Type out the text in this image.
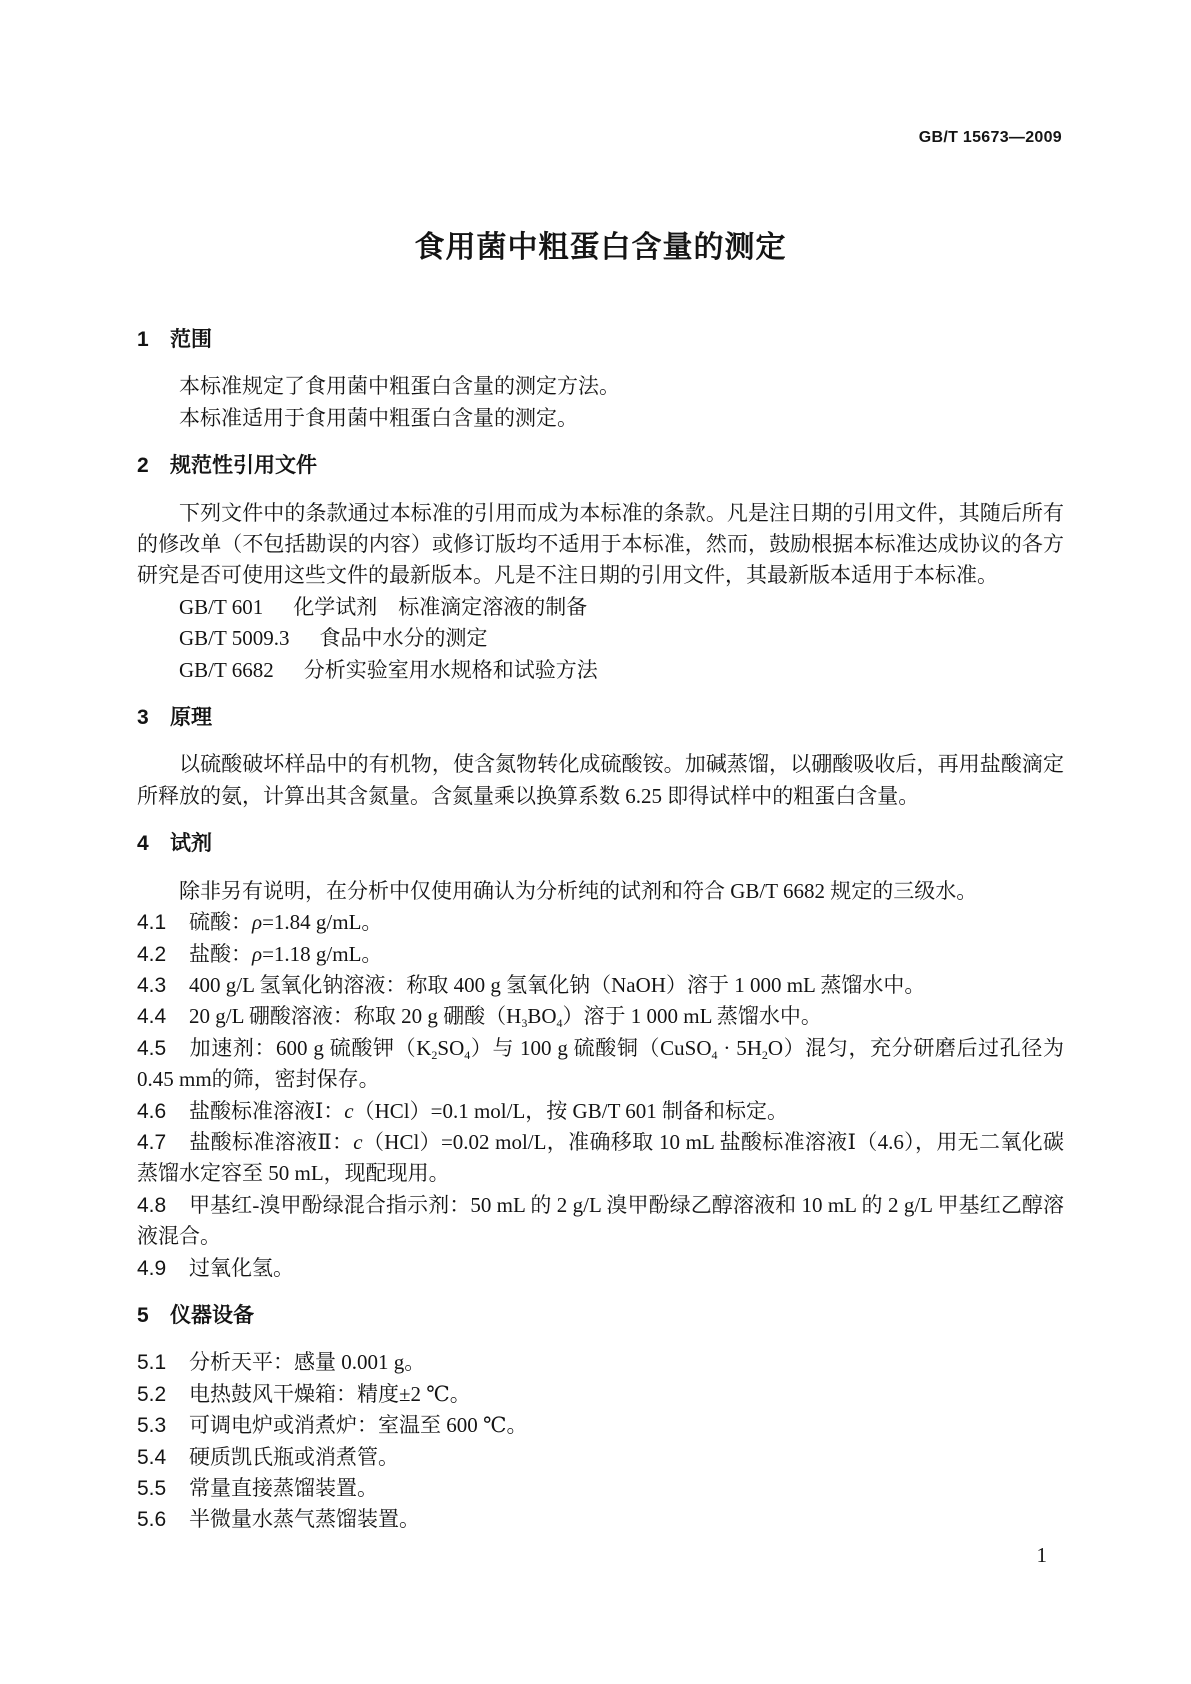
GB/T 15673—2009
食用菌中粗蛋白含量的测定
1 范围

本标准规定了食用菌中粗蛋白含量的测定方法。

本标准适用于食用菌中粗蛋白含量的测定。

2 规范性引用文件

下列文件中的条款通过本标准的引用而成为本标准的条款。凡是注日期的引用文件，其随后所有的修改单（不包括勘误的内容）或修订版均不适用于本标准，然而，鼓励根据本标准达成协议的各方研究是否可使用这些文件的最新版本。凡是不注日期的引用文件，其最新版本适用于本标准。

GB/T 601 化学试剂　标准滴定溶液的制备

GB/T 5009.3 食品中水分的测定

GB/T 6682 分析实验室用水规格和试验方法

3 原理

以硫酸破坏样品中的有机物，使含氮物转化成硫酸铵。加碱蒸馏，以硼酸吸收后，再用盐酸滴定所释放的氨，计算出其含氮量。含氮量乘以换算系数 6.25 即得试样中的粗蛋白含量。

4 试剂

除非另有说明，在分析中仅使用确认为分析纯的试剂和符合 GB/T 6682 规定的三级水。

4.1 硫酸：ρ=1.84 g/mL。

4.2 盐酸：ρ=1.18 g/mL。

4.3 400 g/L 氢氧化钠溶液：称取 400 g 氢氧化钠（NaOH）溶于 1 000 mL 蒸馏水中。

4.4 20 g/L 硼酸溶液：称取 20 g 硼酸$(H_3BO_4)$溶于 1 000 mL 蒸馏水中。

4.5 加速剂：600 g 硫酸钾$(K_2SO_4)$与 100 g 硫酸铜（CuSO$_4$ · $5H_2O$）混匀，充分研磨后过孔径为 0.45 mm的筛，密封保存。

4.6 盐酸标准溶液Ⅰ：c（HCl）=0.1 mol/L，按 GB/T 601 制备和标定。

4.7 盐酸标准溶液Ⅱ：c（HCl）=0.02 mol/L，准确移取 10 mL 盐酸标准溶液Ⅰ（4.6），用无二氧化碳蒸馏水定容至 50 mL，现配现用。

4.8 甲基红-溴甲酚绿混合指示剂：50 mL 的 2 g/L 溴甲酚绿乙醇溶液和 10 mL 的 2 g/L 甲基红乙醇溶液混合。

4.9 过氧化氢。

5 仪器设备

5.1 分析天平：感量 0.001 g。

5.2 电热鼓风干燥箱：精度±2 ℃。

5.3 可调电炉或消煮炉：室温至 600 ℃。

5.4 硬质凯氏瓶或消煮管。

5.5 常量直接蒸馏装置。

5.6 半微量水蒸气蒸馏装置。

1
